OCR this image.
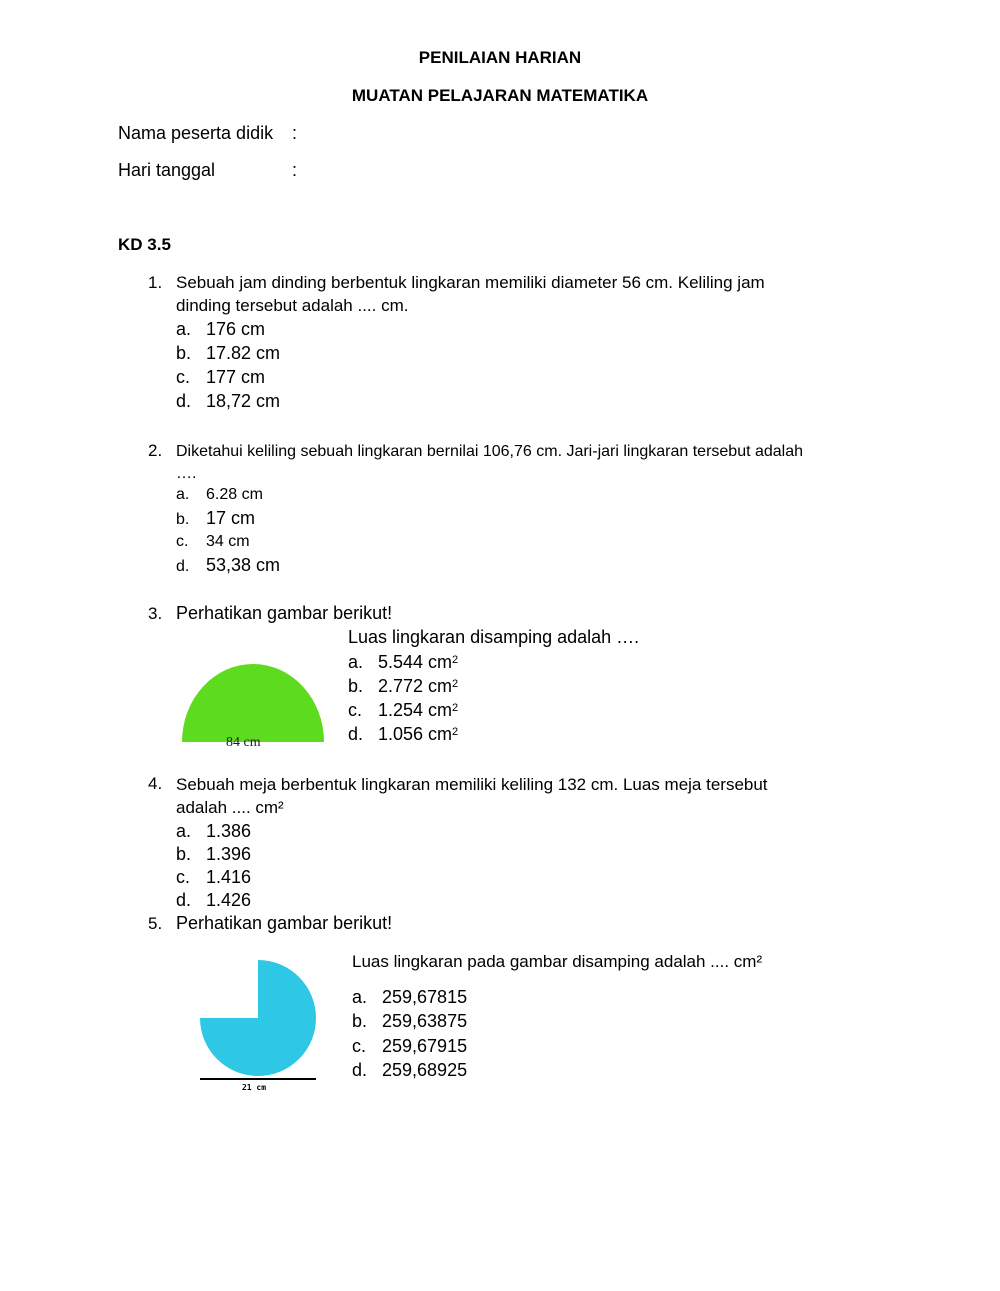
PENILAIAN HARIAN
MUATAN PELAJARAN MATEMATIKA
Nama peserta didik :
Hari tanggal	:
KD 3.5
1. Sebuah jam dinding berbentuk lingkaran memiliki diameter 56 cm. Keliling jam
dinding tersebut adalah .... cm.
a. 176 cm
b. 17.82 cm
c. 177 cm
d. 18,72 cm
2. Diketahui keliling sebuah lingkaran bernilai 106,76 cm. Jari-jari lingkaran tersebut adalah
….
a. 6.28 cm
b. 17 cm
c. 34 cm
d. 53,38 cm
3. Perhatikan gambar berikut!
Luas lingkaran disamping adalah ….
84 cm
a. 5.544 $cm^2$
b. 2.772 $cm^2$
c. 1.254 $cm^2$
d. 1.056 $cm^2$
4. Sebuah meja berbentuk lingkaran memiliki keliling 132 cm. Luas meja tersebut
adalah .... cm²
a. 1.386
b. 1.396
c. 1.416
d. 1.426
5. Perhatikan gambar berikut!
Luas lingkaran pada gambar disamping adalah .... cm²
21 cm
a. 259,67815
b. 259,63875
c. 259,67915
d. 259,68925
